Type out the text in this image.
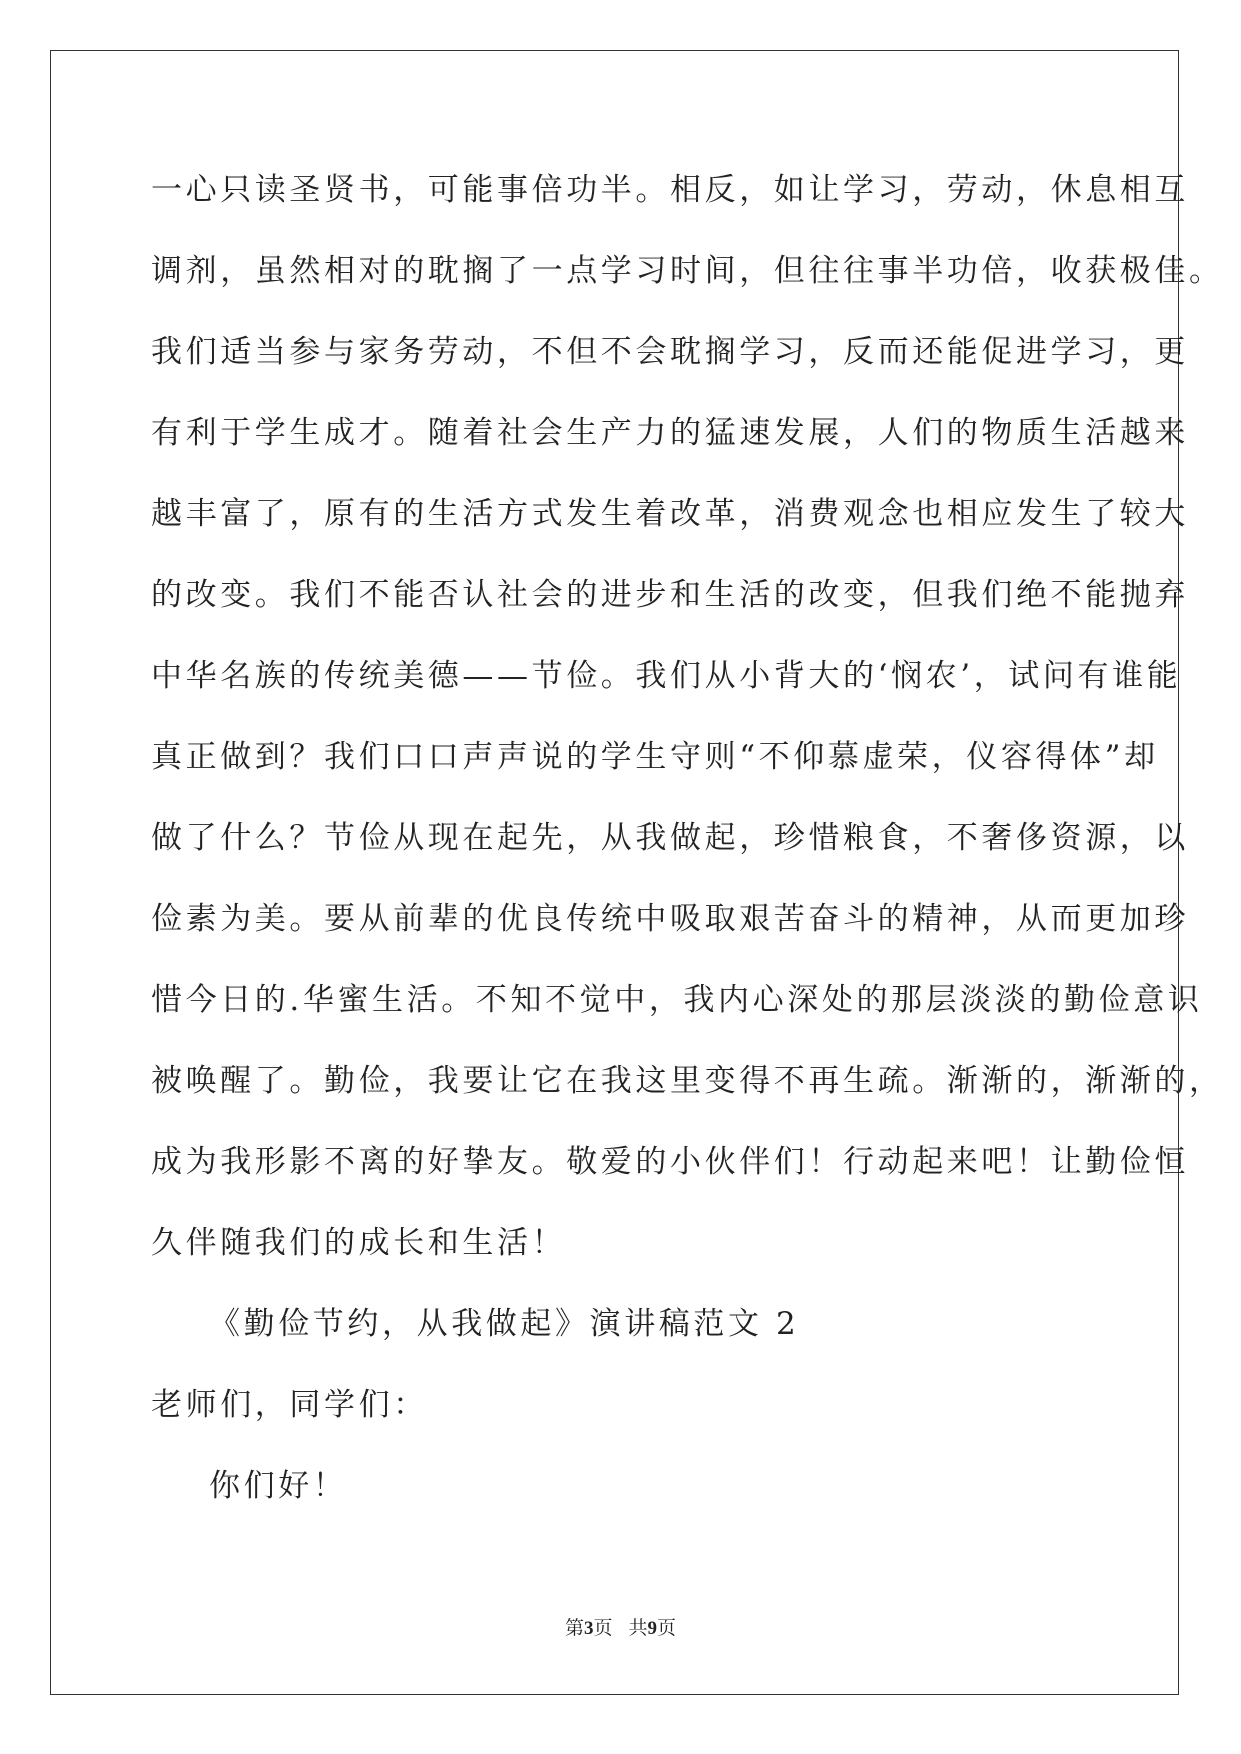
一心只读圣贤书，可能事倍功半。相反，如让学习，劳动，休息相互
调剂，虽然相对的耽搁了一点学习时间，但往往事半功倍，收获极佳。
我们适当参与家务劳动，不但不会耽搁学习，反而还能促进学习，更
有利于学生成才。随着社会生产力的猛速发展，人们的物质生活越来
越丰富了，原有的生活方式发生着改革，消费观念也相应发生了较大
的改变。我们不能否认社会的进步和生活的改变，但我们绝不能抛弃
中华名族的传统美德——节俭。我们从小背大的‘悯农’，试问有谁能
真正做到？我们口口声声说的学生守则“不仰慕虚荣，仪容得体”却
做了什么？节俭从现在起先，从我做起，珍惜粮食，不奢侈资源，以
俭素为美。要从前辈的优良传统中吸取艰苦奋斗的精神，从而更加珍
惜今日的.华蜜生活。不知不觉中，我内心深处的那层淡淡的勤俭意识
被唤醒了。勤俭，我要让它在我这里变得不再生疏。渐渐的，渐渐的，
成为我形影不离的好挚友。敬爱的小伙伴们！行动起来吧！让勤俭恒
久伴随我们的成长和生活！
《勤俭节约，从我做起》演讲稿范文 2
老师们，同学们：
你们好！
第3页 共9页
